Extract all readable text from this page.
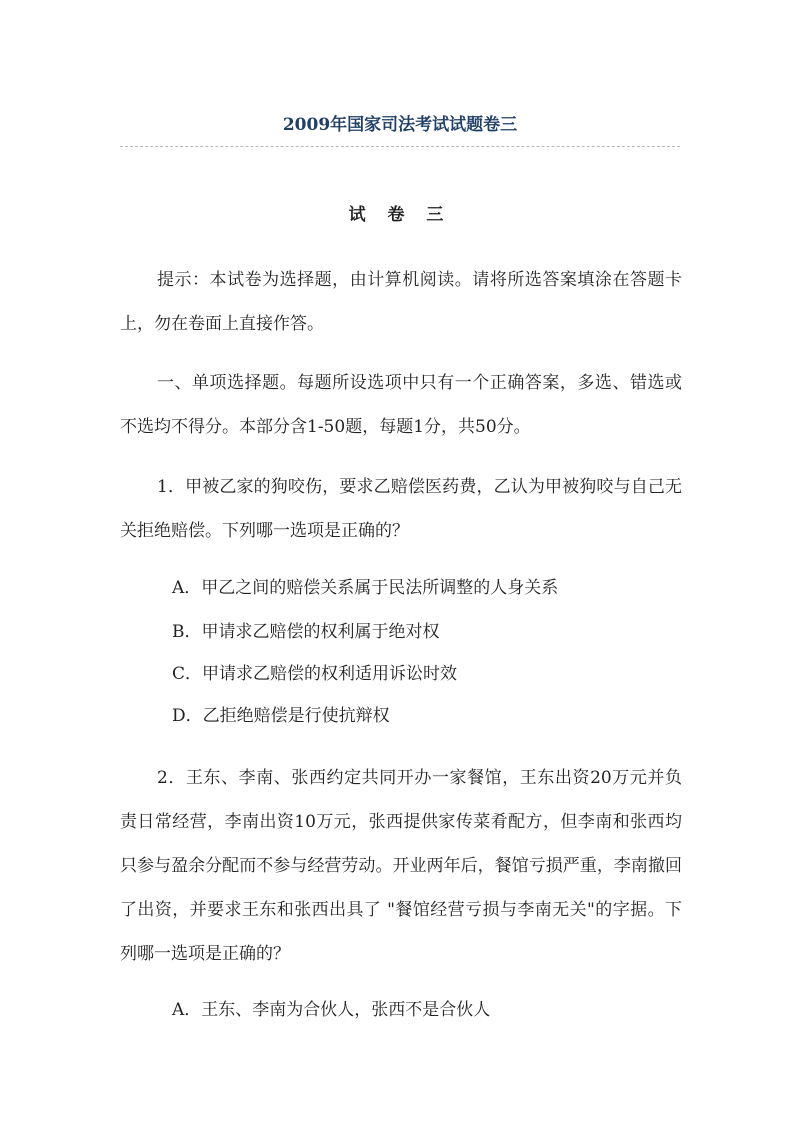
2009年国家司法考试试题卷三
试 卷 三
提示：本试卷为选择题，由计算机阅读。请将所选答案填涂在答题卡上，勿在卷面上直接作答。
一、单项选择题。每题所设选项中只有一个正确答案，多选、错选或不选均不得分。本部分含1-50题，每题1分，共50分。
1．甲被乙家的狗咬伤，要求乙赔偿医药费，乙认为甲被狗咬与自己无关拒绝赔偿。下列哪一选项是正确的？
A．甲乙之间的赔偿关系属于民法所调整的人身关系
B．甲请求乙赔偿的权利属于绝对权
C．甲请求乙赔偿的权利适用诉讼时效
D．乙拒绝赔偿是行使抗辩权
2．王东、李南、张西约定共同开办一家餐馆，王东出资20万元并负责日常经营，李南出资10万元，张西提供家传菜肴配方，但李南和张西均只参与盈余分配而不参与经营劳动。开业两年后，餐馆亏损严重，李南撤回了出资，并要求王东和张西出具了 "餐馆经营亏损与李南无关"的字据。下列哪一选项是正确的？
A．王东、李南为合伙人，张西不是合伙人
